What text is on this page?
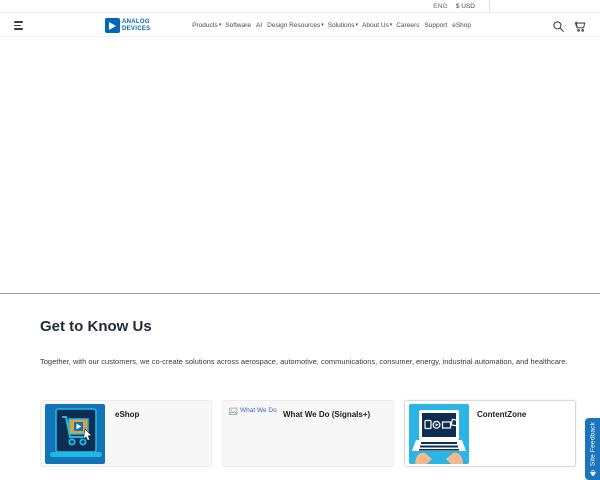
ENG $ USD
ANALOG
DEVICES	Products ▾ Software AI Design Resources ▾ Solutions ▾ About Us ▾ Careers Support eShop
Get to Know Us

Together, with our customers, we co-create solutions across aerospace, automotive, communications, consumer, energy, industrial automation, and healthcare.

eShop	What We Do What We Do (Signals+)	ContentZone
Site Feedback
